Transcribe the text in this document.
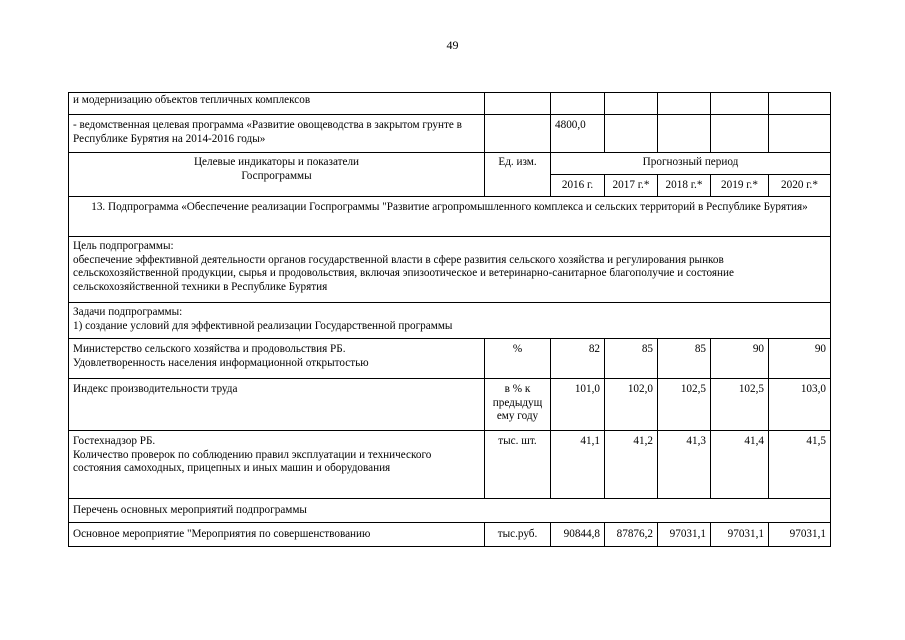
49
и модернизацию объектов тепличных комплексов						
- ведомственная целевая программа «Развитие овощеводства в закрытом грунте в Республике Бурятия на 2014-2016 годы»		4800,0				
Целевые индикаторы и показатели
Госпрограммы	Ед. изм.	Прогнозный период				
		2016 г.	2017 г.*	2018 г.*	2019 г.*	2020 г.*
13. Подпрограмма «Обеспечение реализации Госпрограммы "Развитие агропромышленного комплекса и сельских территорий в Республике Бурятия»						
Цель подпрограммы:
обеспечение эффективной деятельности органов государственной власти в сфере развития сельского хозяйства и регулирования рынков сельскохозяйственной продукции, сырья и продовольствия, включая эпизоотическое и ветеринарно-санитарное благополучие и состояние сельскохозяйственной техники в Республике Бурятия						
Задачи подпрограммы:
1) создание условий для эффективной реализации Государственной программы						
Министерство сельского хозяйства и продовольствия РБ.
Удовлетворенность населения информационной открытостью	%	82	85	85	90	90
Индекс производительности труда	в % к
предыдущ
ему году	101,0	102,0	102,5	102,5	103,0
Гостехнадзор РБ.
Количество проверок по соблюдению правил эксплуатации и технического состояния самоходных, прицепных и иных машин и оборудования	тыс. шт.	41,1	41,2	41,3	41,4	41,5
Перечень основных мероприятий подпрограммы						
Основное мероприятие "Мероприятия по совершенствованию	тыс.руб.	90844,8	87876,2	97031,1	97031,1	97031,1
